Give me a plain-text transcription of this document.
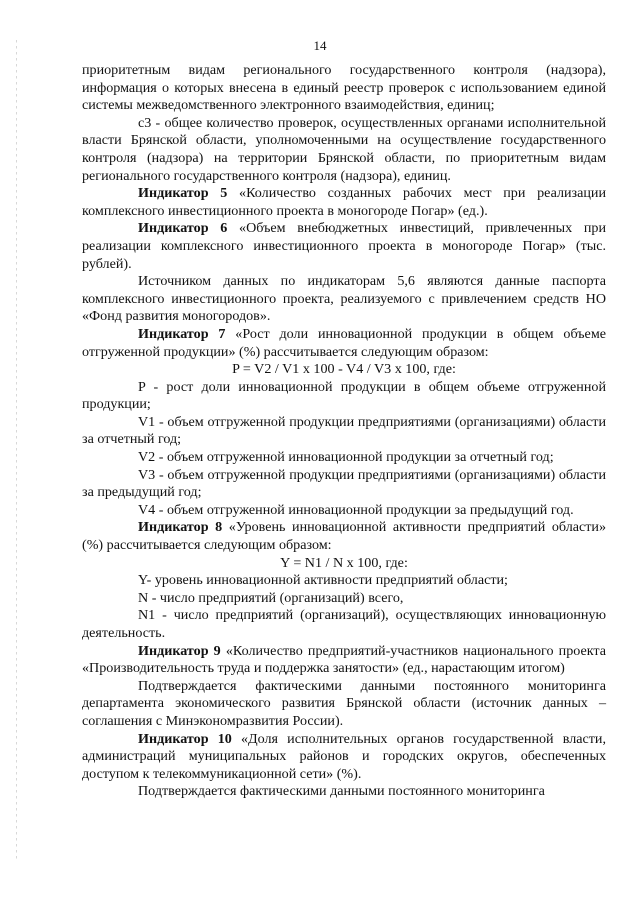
14

приоритетным видам регионального государственного контроля (надзора), информация о которых внесена в единый реестр проверок с использованием единой системы межведомственного электронного взаимодействия, единиц;

с3 - общее количество проверок, осуществленных органами исполнительной власти Брянской области, уполномоченными на осуществление государственного контроля (надзора) на территории Брянской области, по приоритетным видам регионального государственного контроля (надзора), единиц.

Индикатор 5 «Количество созданных рабочих мест при реализации комплексного инвестиционного проекта в моногороде Погар» (ед.).

Индикатор 6 «Объем внебюджетных инвестиций, привлеченных при реализации комплексного инвестиционного проекта в моногороде Погар» (тыс. рублей).

Источником данных по индикаторам 5,6 являются данные паспорта комплексного инвестиционного проекта, реализуемого с привлечением средств НО «Фонд развития моногородов».

Индикатор 7 «Рост доли инновационной продукции в общем объеме отгруженной продукции» (%) рассчитывается следующим образом:

P = V2 / V1 x 100 - V4 / V3 x 100, где:

P - рост доли инновационной продукции в общем объеме отгруженной продукции;

V1 - объем отгруженной продукции предприятиями (организациями) области за отчетный год;

V2 - объем отгруженной инновационной продукции за отчетный год;

V3 - объем отгруженной продукции предприятиями (организациями) области за предыдущий год;

V4 - объем отгруженной инновационной продукции за предыдущий год.

Индикатор 8 «Уровень инновационной активности предприятий области» (%) рассчитывается следующим образом:

Y = N1 / N x 100, где:

Y- уровень инновационной активности предприятий области;

N - число предприятий (организаций) всего,

N1 - число предприятий (организаций), осуществляющих инновационную деятельность.

Индикатор 9 «Количество предприятий-участников национального проекта «Производительность труда и поддержка занятости» (ед., нарастающим итогом)

Подтверждается фактическими данными постоянного мониторинга департамента экономического развития Брянской области (источник данных – соглашения с Минэкономразвития России).

Индикатор 10 «Доля исполнительных органов государственной власти, администраций муниципальных районов и городских округов, обеспеченных доступом к телекоммуникационной сети» (%).

Подтверждается фактическими данными постоянного мониторинга
